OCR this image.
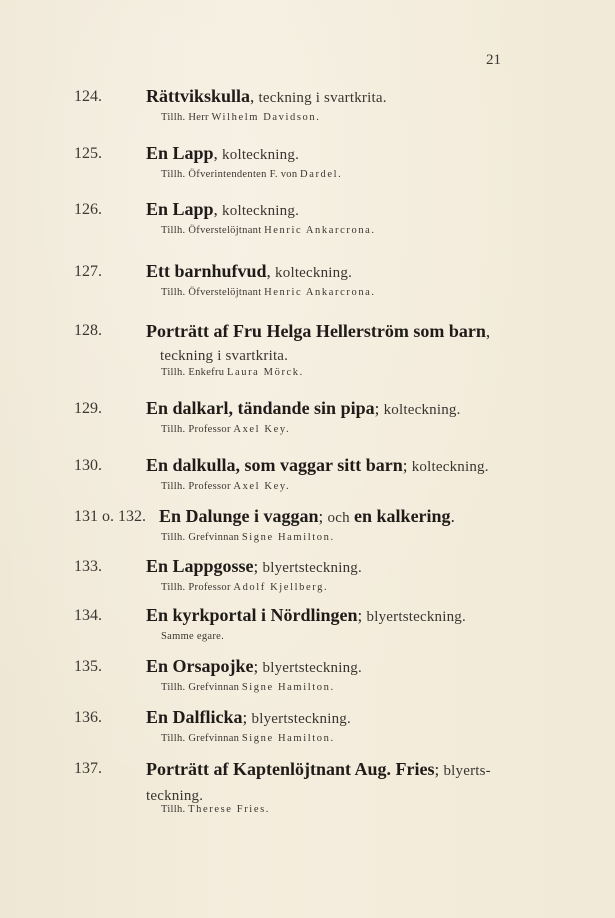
21
124. Rättvikskulla, teckning i svartkrita.
Tillh. Herr Wilhelm Davidson.
125. En Lapp, kolteckning.
Tillh. Öfverintendenten F. von Dardel.
126. En Lapp, kolteckning.
Tillh. Öfverstelöjtnant Henric Ankarcrona.
127. Ett barnhufvud, kolteckning.
Tillh. Öfverstelöjtnant Henric Ankarcrona.
128. Porträtt af Fru Helga Hellerström som barn,
teckning i svartkrita.
Tillh. Enkefru Laura Mörck.
129. En dalkarl, tändande sin pipa; kolteckning.
Tillh. Professor Axel Key.
130. En dalkulla, som vaggar sitt barn; kolteckning.
Tillh. Professor Axel Key.
131 o. 132. En Dalunge i vaggan; och en kalkering.
Tillh. Grefvinnan Signe Hamilton.
133. En Lappgosse; blyertsteckning.
Tillh. Professor Adolf Kjellberg.
134. En kyrkportal i Nördlingen; blyertsteckning.
Samme egare.
135. En Orsapojke; blyertsteckning.
Tillh. Grefvinnan Signe Hamilton.
136. En Dalflicka; blyertsteckning.
Tillh. Grefvinnan Signe Hamilton.
137. Porträtt af Kaptenlöjtnant Aug. Fries; blyerts-
teckning.
Tillh. Therese Fries.
